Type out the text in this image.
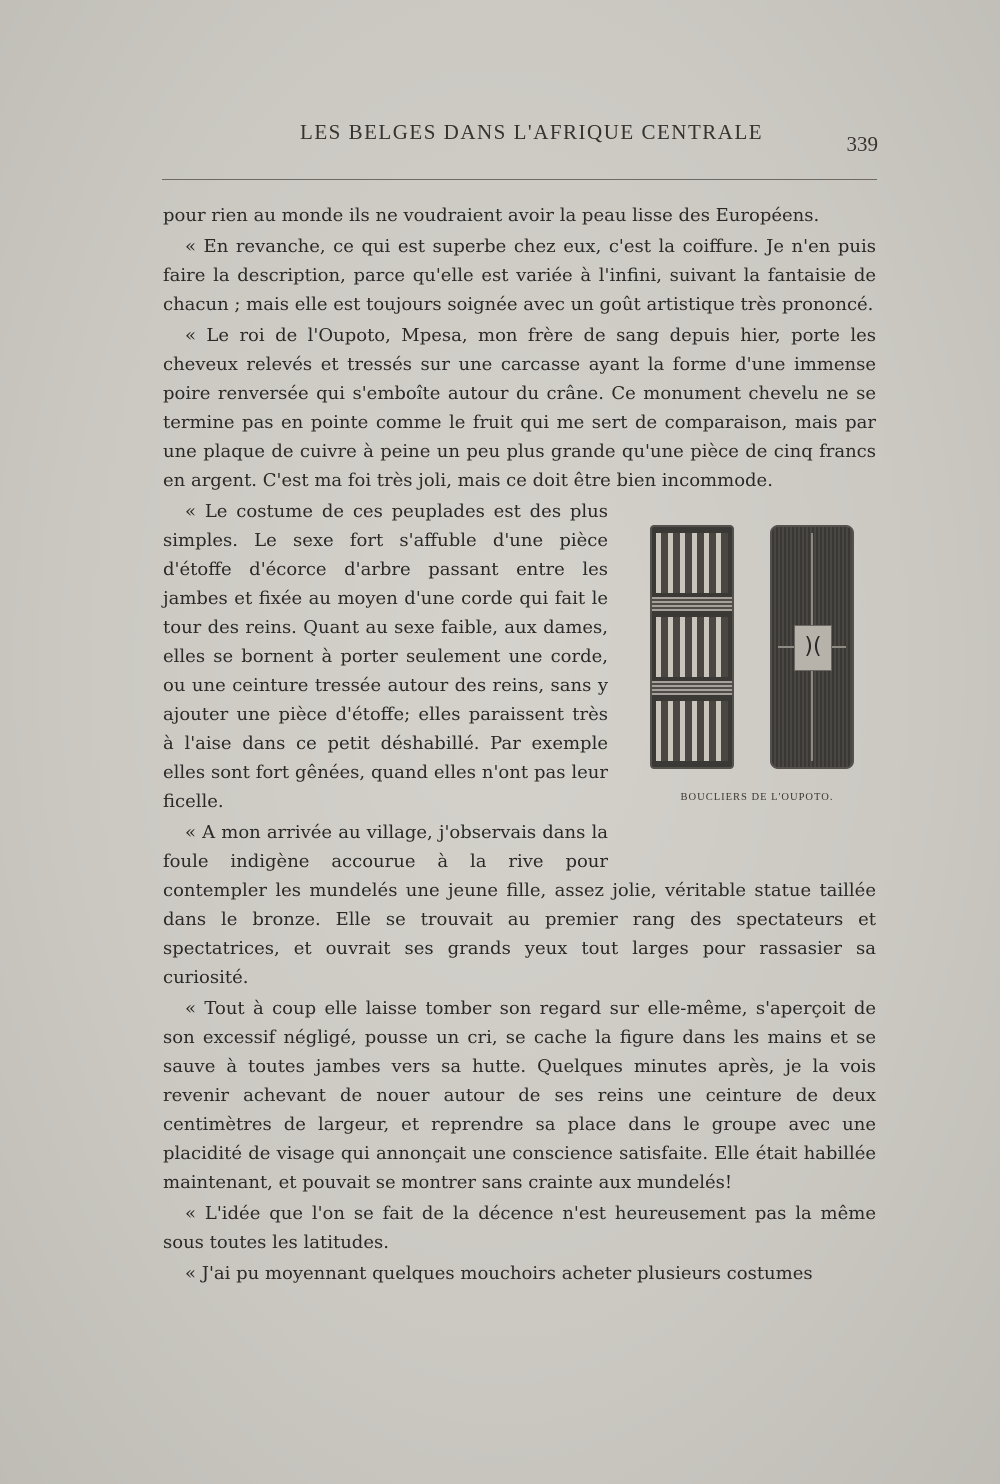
LES BELGES DANS L'AFRIQUE CENTRALE	339

pour rien au monde ils ne voudraient avoir la peau lisse des Européens.

« En revanche, ce qui est superbe chez eux, c'est la coiffure. Je n'en puis faire la description, parce qu'elle est variée à l'infini, suivant la fantaisie de chacun ; mais elle est toujours soignée avec un goût artistique très prononcé.

« Le roi de l'Oupoto, Mpesa, mon frère de sang depuis hier, porte les cheveux relevés et tressés sur une carcasse ayant la forme d'une immense poire renversée qui s'emboîte autour du crâne. Ce monument chevelu ne se termine pas en pointe comme le fruit qui me sert de comparaison, mais par une plaque de cuivre à peine un peu plus grande qu'une pièce de cinq francs en argent. C'est ma foi très joli, mais ce doit être bien incommode.

)(
BOUCLIERS DE L'OUPOTO.

« Le costume de ces peuplades est des plus simples. Le sexe fort s'affuble d'une pièce d'étoffe d'écorce d'arbre passant entre les jambes et fixée au moyen d'une corde qui fait le tour des reins. Quant au sexe faible, aux dames, elles se bornent à porter seulement une corde, ou une ceinture tressée autour des reins, sans y ajouter une pièce d'étoffe; elles paraissent très à l'aise dans ce petit déshabillé. Par exemple elles sont fort gênées, quand elles n'ont pas leur ficelle.

« A mon arrivée au village, j'observais dans la foule indigène accourue à la rive pour contempler les mundelés une jeune fille, assez jolie, véritable statue taillée dans le bronze. Elle se trouvait au premier rang des spectateurs et spectatrices, et ouvrait ses grands yeux tout larges pour rassasier sa curiosité.

« Tout à coup elle laisse tomber son regard sur elle-même, s'aperçoit de son excessif négligé, pousse un cri, se cache la figure dans les mains et se sauve à toutes jambes vers sa hutte. Quelques minutes après, je la vois revenir achevant de nouer autour de ses reins une ceinture de deux centimètres de largeur, et reprendre sa place dans le groupe avec une placidité de visage qui annonçait une conscience satisfaite. Elle était habillée maintenant, et pouvait se montrer sans crainte aux mundelés!

« L'idée que l'on se fait de la décence n'est heureusement pas la même sous toutes les latitudes.

« J'ai pu moyennant quelques mouchoirs acheter plusieurs costumes
